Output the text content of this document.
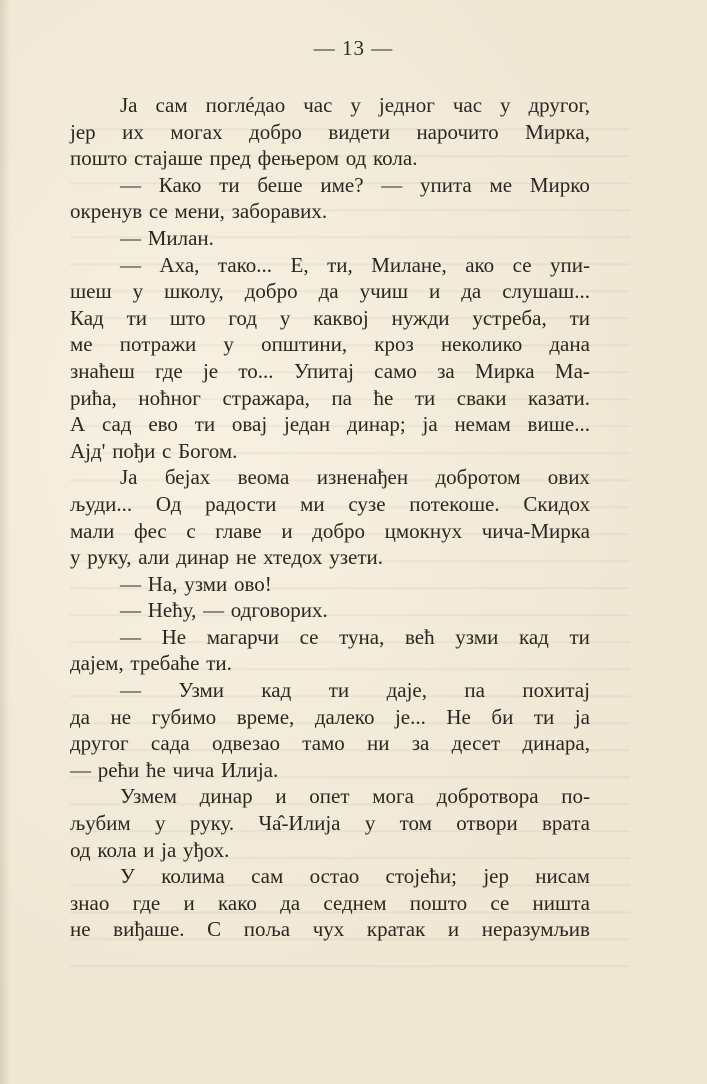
— 13 —
Ја сам поглéдао час у једног час у другог,
јер их могах добро видети нарочито Мирка,
пошто стајаше пред фењером од кола.
— Како ти беше име? — упита ме Мирко
окренув се мени, заборавих.
— Милан.
— Аха, тако... Е, ти, Милане, ако се упи-
шеш у школу, добро да учиш и да слушаш...
Кад ти што год у каквој нужди устреба, ти
ме потражи у општини, кроз неколико дана
знаћеш где је то... Упитај само за Мирка Ма-
рића, ноћног стражара, па ће ти сваки казати.
А сад ево ти овај један динар; ја немам више...
Ајд' пођи с Богом.
Ја бејах веома изненађен добротом ових
људи... Од радости ми сузе потекоше. Скидох
мали фес с главе и добро цмокнух чича-Мирка
у руку, али динар не хтедох узети.
— На, узми ово!
— Нећу, — одговорих.
— Не магарчи се туна, већ узми кад ти
дајем, требаће ти.
— Узми кад ти даје, па похитај
да не губимо време, далеко је... Не би ти ја
другог сада одвезао тамо ни за десет динара,
— рећи ће чича Илија.
Узмем динар и опет мога добротвора по-
љубим у руку. Ча̂-Илија у том отвори врата
од кола и ја уђох.
У колима сам остао стојећи; јер нисам
знао где и како да седнем пошто се ништа
не виђаше. С поља чух кратак и неразумљив
